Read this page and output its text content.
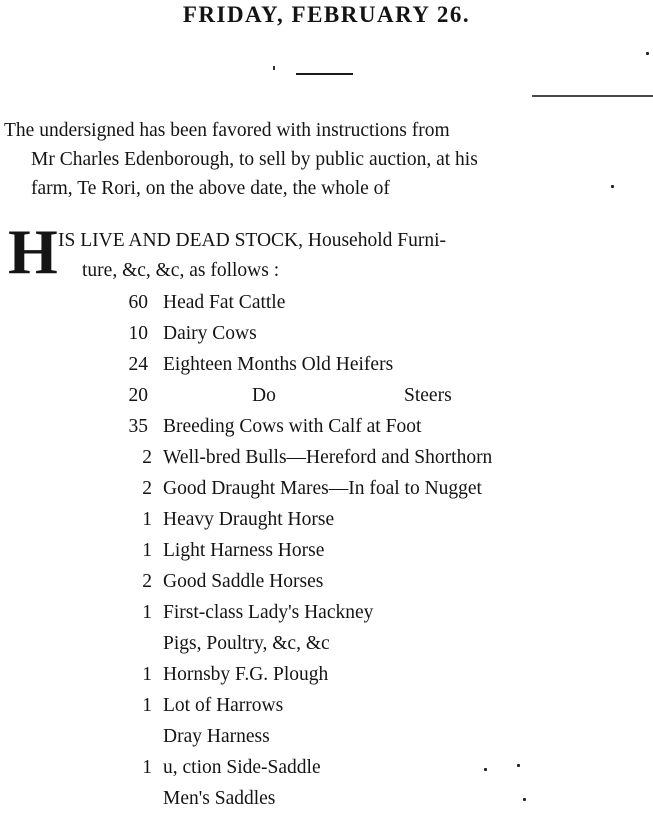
FRIDAY, FEBRUARY 26.
The undersigned has been favored with instructions from
Mr Charles Edenborough, to sell by public auction, at his
farm, Te Rori, on the above date, the whole of
H IS LIVE AND DEAD STOCK, Household Furni-
ture, &c, &c, as follows :
60 Head Fat Cattle
10 Dairy Cows
24 Eighteen Months Old Heifers
20	Do	Steers
35 Breeding Cows with Calf at Foot
2 Well-bred Bulls—Hereford and Shorthorn
2 Good Draught Mares—In foal to Nugget
1 Heavy Draught Horse
1 Light Harness Horse
2 Good Saddle Horses
1 First-class Lady's Hackney
Pigs, Poultry, &c, &c
1 Hornsby F.G. Plough
1 Lot of Harrows
Dray Harness
1 u, ction Side-Saddle
Men's Saddles
